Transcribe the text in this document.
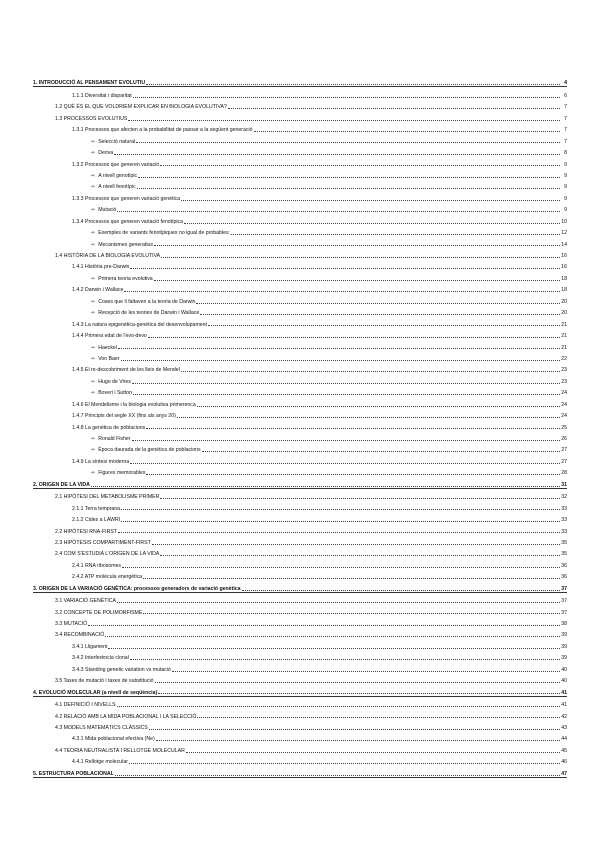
1. INTRODUCCIÓ AL PENSAMENT EVOLUTIU	4
1.1.1 Diversitat i disparitat	6
1.2 QUÈ ÉS EL QUE VOLDRIEM EXPLICAR EN BIOLOGIA EVOLUTIVA?	7
1.3 PROCESSOS EVOLUTIUS	7
1.3.1 Processos que afecten a la probabilitat de passar a la següent generació	7
⇨ Selecció natural	7
⇨ Deriva	8
1.3.2 Processos que generen variació	9
⇨ A nivell genotípic	9
⇨ A nivell fenotípic	9
1.3.3 Processos que generen variació genètica	9
⇨ Mutació	9
1.3.4 Processos que generen variació fenotípica	10
⇨ Exemples de variants fenotípiques no igual de probables:	12
⇨ Mecanismes generatius	14
1.4 HISTÒRIA DE LA BIOLOGIA EVOLUTIVA	16
1.4.1 Història pre-Darwin	16
⇨ Primera teoria evolutiva	18
1.4.2 Darwin i Wallace	18
⇨ Coses que li faltaven a la teoria de Darwin	20
⇨ Recepció de les teories de Darwin i Wallace	20
1.4.3 La natura epigenètica-genètica del desenvolupament	21
1.4.4 Primera edat de l'evo-devo	21
⇨ Haeckel	21
⇨ Von Baer	22
1.4.5 El re-descobriment de les lleis de Mendel	23
⇨ Hugo de Vries	23
⇨ Boveri i Sutton	24
1.4.6 El Mendelisme i la biologia evolutiva primerenca	24
1.4.7 Principis del segle XX (fins als anys 20)	24
1.4.8 La genètica de poblacions	25
⇨ Ronald Fisher	26
⇨ Època daurada de la genètica de poblacions	27
1.4.9 La síntesi moderna	27
⇨ Figures memorables	28
2. ORIGEN DE LA VIDA	31
2.1 HIPÒTESI DEL METABOLISME PRIMER	32
2.1.1 Terra temprana	33
2.1.2 Cides a LAWRI	33
2.2 HIPÒTESI RNA-FIRST	33
2.3 HIPÒTESIS COMPARTIMENT-FIRST	35
2.4 COM S'ESTUDIA L'ORIGEN DE LA VIDA	35
2.4.1 RNA ribosomes	36
2.4.2 ATP molècula energètica	36
3. ORIGEN DE LA VARIACIÓ GENÈTICA: processos generadors de variació genètica	37
3.1 VARIACIÓ GENÈTICA	37
3.2 CONCEPTE DE POLIMORFISME	37
3.3 MUTACIÓ	38
3.4 RECOMBINACIÓ	39
3.4.1 Lligament	39
3.4.2 Interferència clonal	39
3.4.3 Standing genetic variation vs mutació	40
3.5 Taxes de mutació i taxes de substitució	40
4. EVOLUCIÓ MOLECULAR (a nivell de seqüència)	41
4.1 DEFINICIÓ I NIVELLS	41
4.2 RELACIÓ AMB LA MIDA POBLACIONAL I LA SELECCIÓ	42
4.3 MODELS MATEMÀTICS CLÀSSICS	43
4.3.1 Mida poblacional efectiva (Ne)	44
4.4 TEORIA NEUTRALISTA I RELLOTGE MOLECULAR	45
4.4.1 Rellotge molecular	46
5. ESTRUCTURA POBLACIONAL	47
